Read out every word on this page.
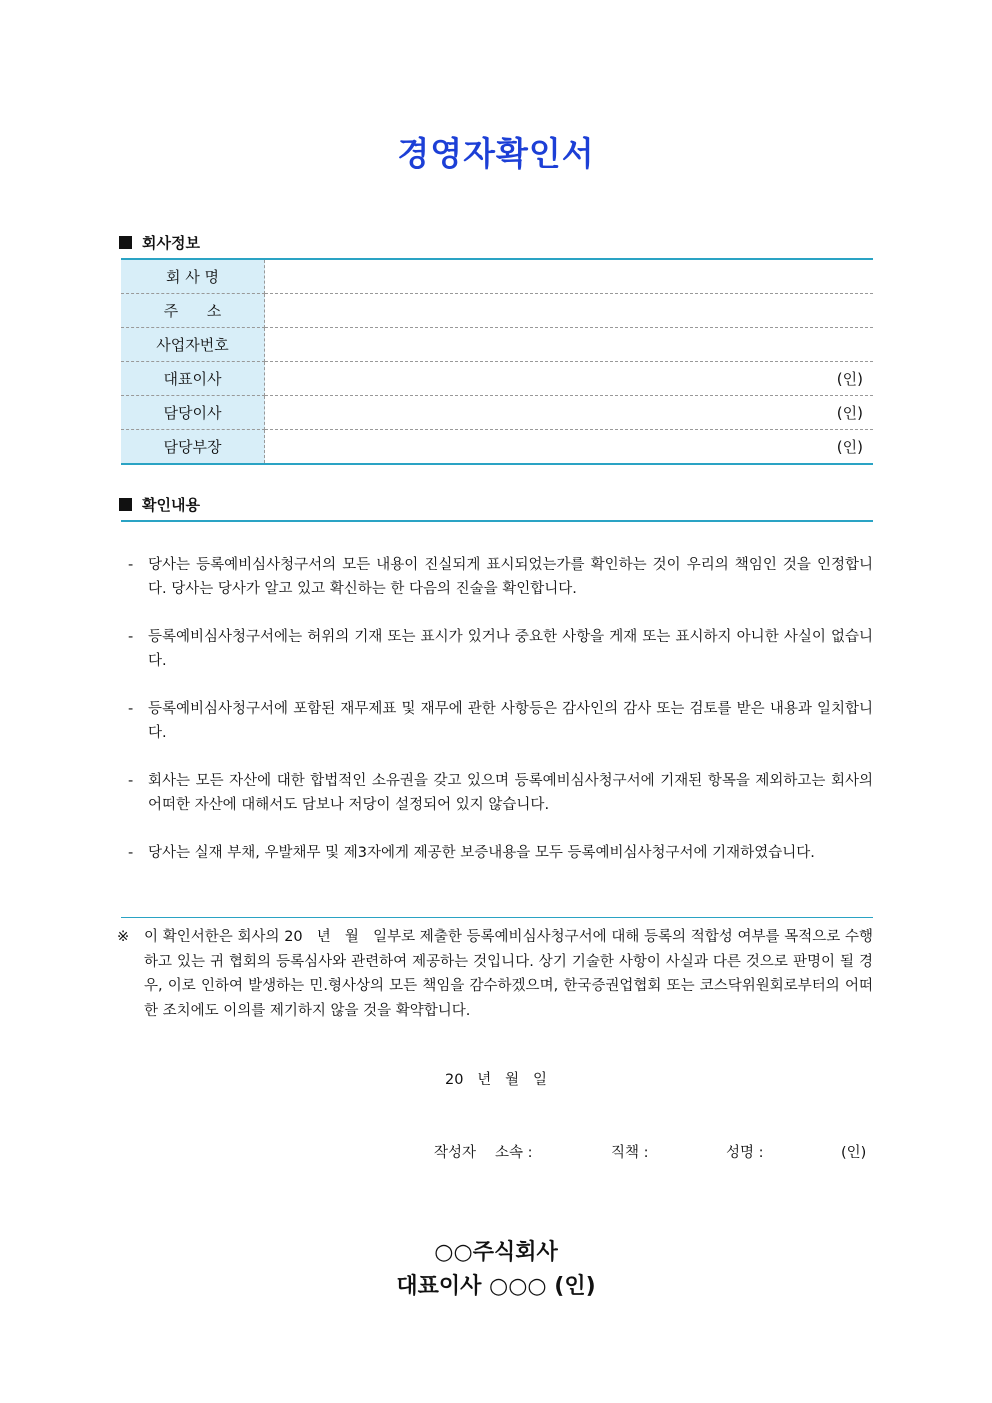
경영자확인서
회사정보
회 사 명	
주      소	
사업자번호	
대표이사	(인)
담당이사	(인)
담당부장	(인)
확인내용
-	당사는 등록예비심사청구서의 모든 내용이 진실되게 표시되었는가를 확인하는 것이 우리의 책임인 것을 인정합니다. 당사는 당사가 알고 있고 확신하는 한 다음의 진술을 확인합니다.
-	등록예비심사청구서에는 허위의 기재 또는 표시가 있거나 중요한 사항을 게재 또는 표시하지 아니한 사실이 없습니다.
-	등록예비심사청구서에 포함된 재무제표 및 재무에 관한 사항등은 감사인의 감사 또는 검토를 받은 내용과 일치합니다.
-	회사는 모든 자산에 대한 합법적인 소유권을 갖고 있으며 등록예비심사청구서에 기재된 항목을 제외하고는 회사의 어떠한 자산에 대해서도 담보나 저당이 설정되어 있지 않습니다.
-	당사는 실재 부채, 우발채무 및 제3자에게 제공한 보증내용을 모두 등록예비심사청구서에 기재하였습니다.
※	이 확인서한은 회사의 20   년   월   일부로 제출한 등록예비심사청구서에 대해 등록의 적합성 여부를 목적으로 수행하고 있는 귀 협회의 등록심사와 관련하여 제공하는 것입니다. 상기 기술한 사항이 사실과 다른 것으로 판명이 될 경우, 이로 인하여 발생하는 민.형사상의 모든 책임을 감수하겠으며, 한국증권업협회 또는 코스닥위원회로부터의 어떠한 조치에도 이의를 제기하지 않을 것을 확약합니다.
20   년   월   일
작성자 소속 :	직책 :	성명 :	(인)
○○주식회사
대표이사 ○○○ (인)
